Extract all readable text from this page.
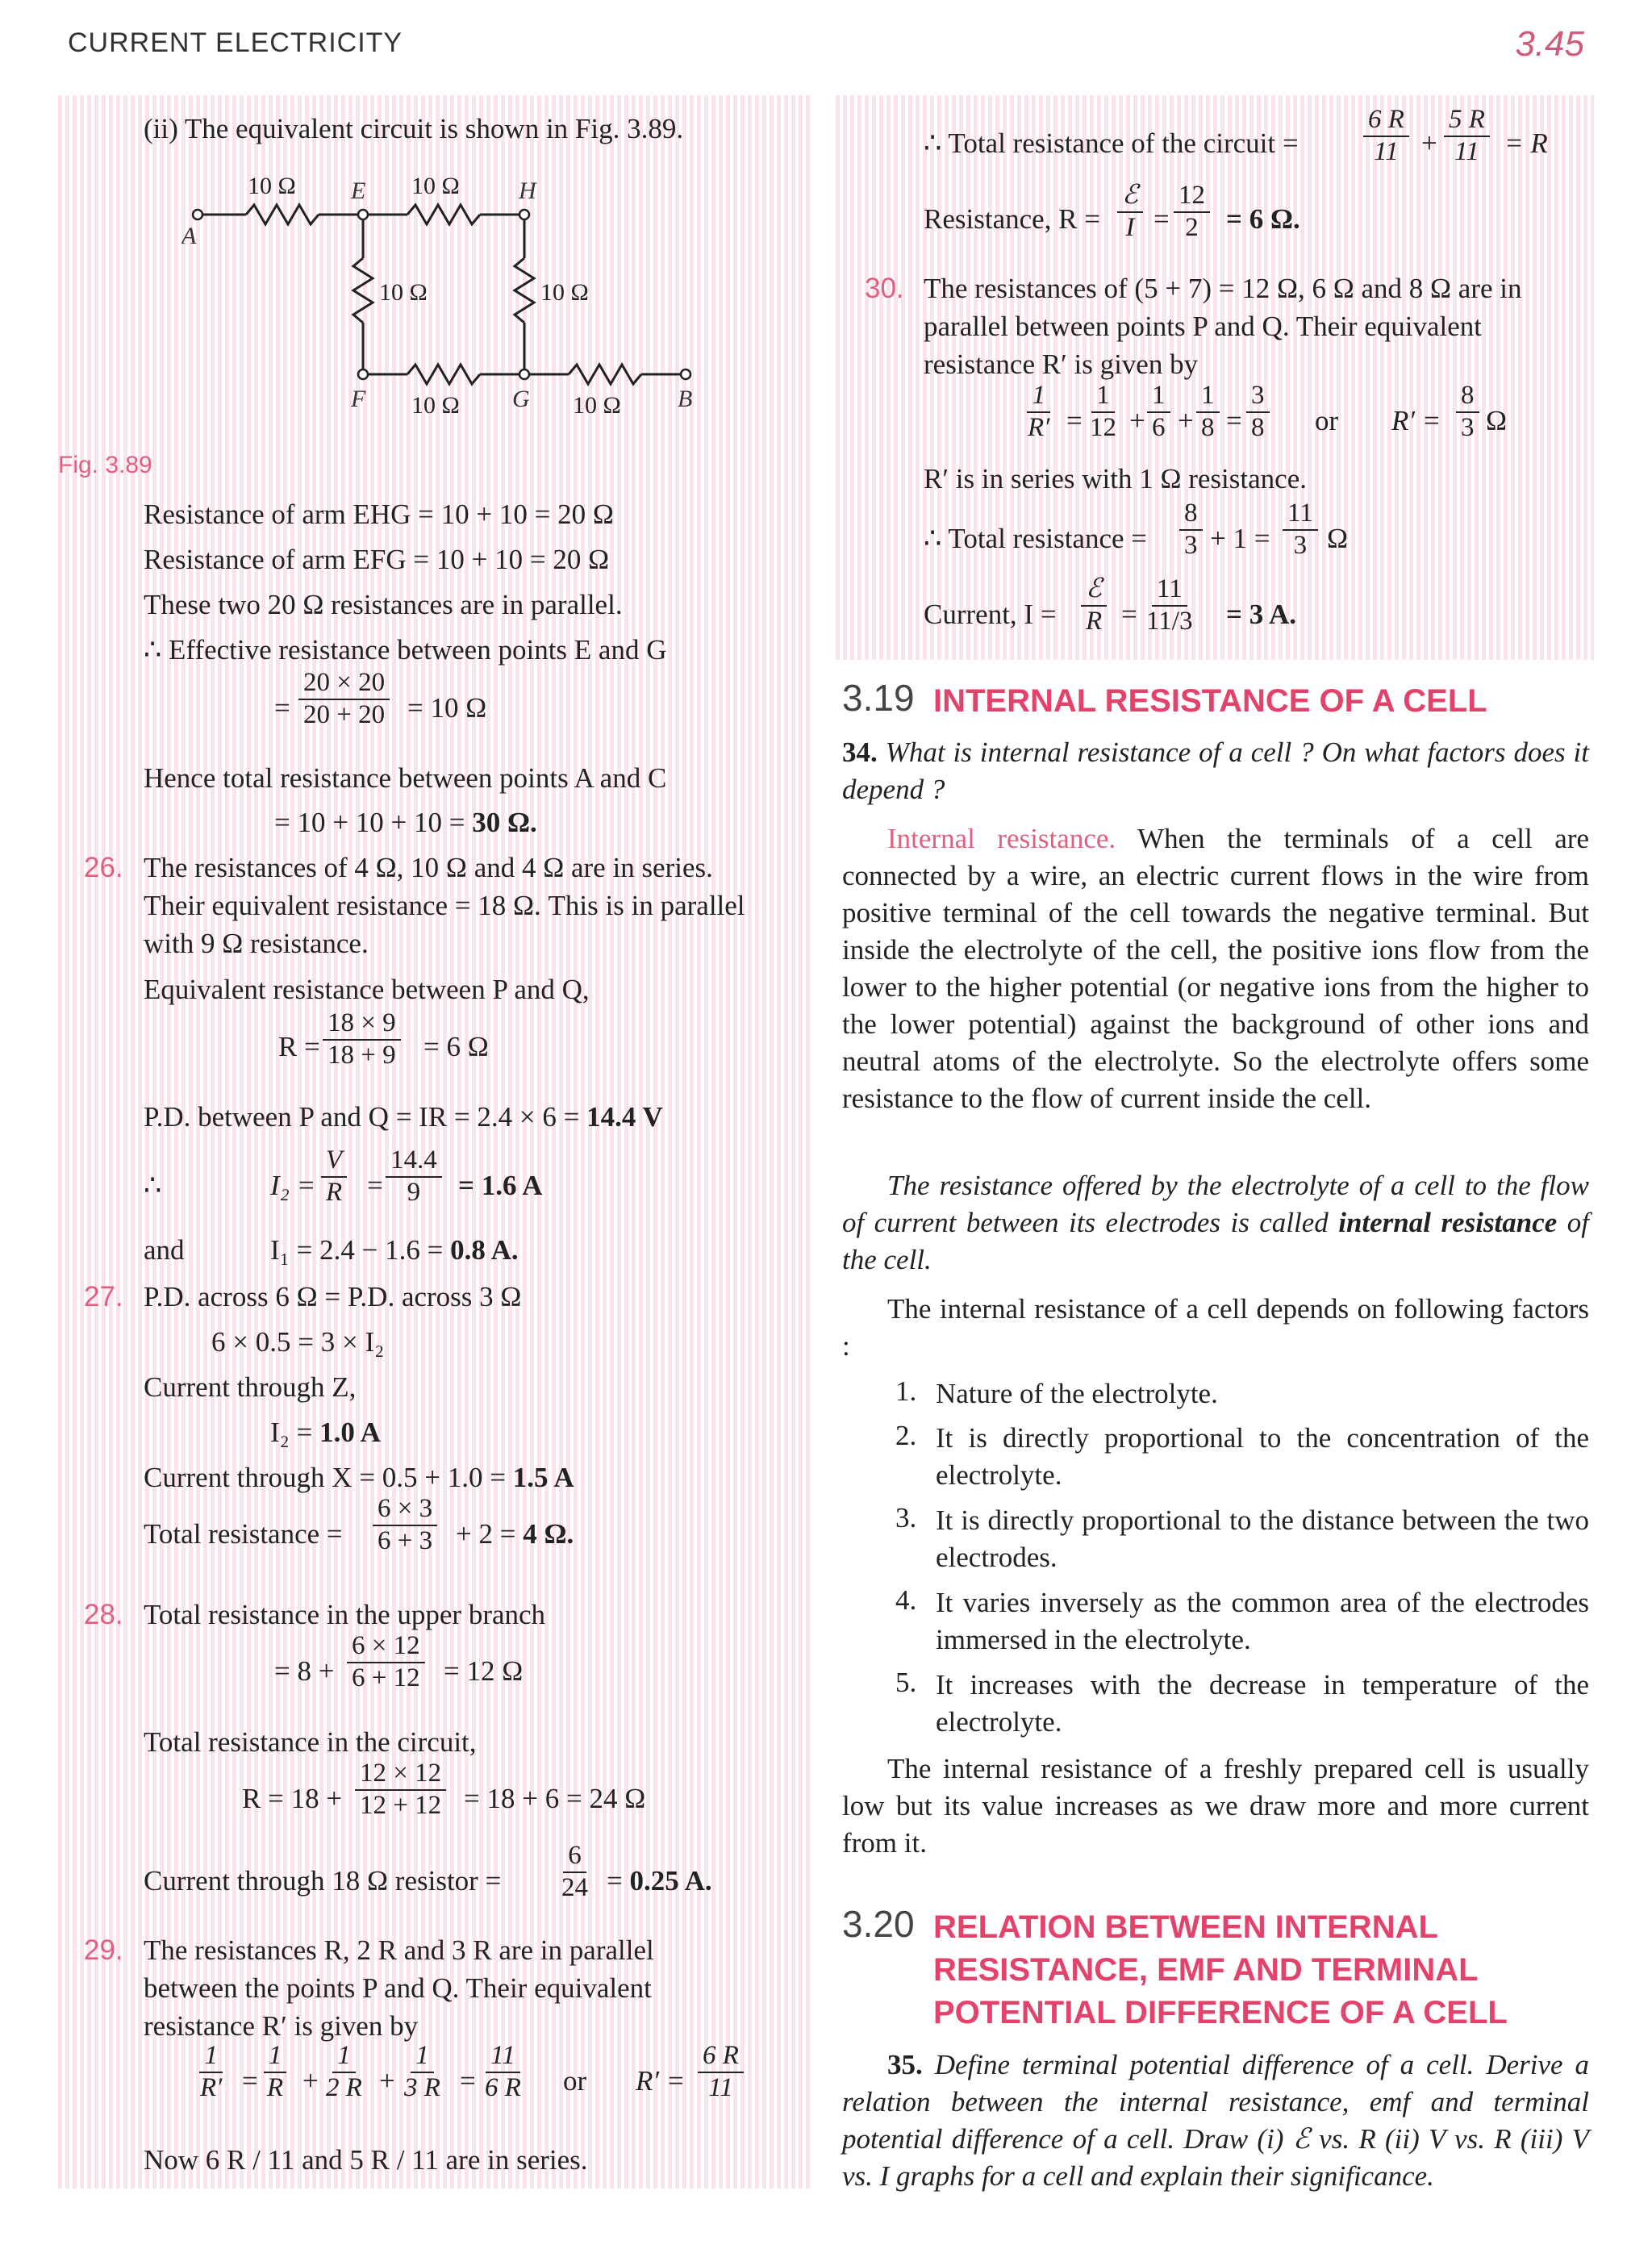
CURRENT ELECTRICITY	3.45
(ii) The equivalent circuit is shown in Fig. 3.89.
10 Ω	10 Ω
10 Ω	10 Ω
10 Ω	10 Ω
A
E	H
F	G	B
Fig. 3.89
Resistance of arm EHG = 10 + 10 = 20 Ω
Resistance of arm EFG = 10 + 10 = 20 Ω
These two 20 Ω resistances are in parallel.
∴ Effective resistance between points E and G
= $\frac{20 \times 20}{20 + 20} = 10$ Ω
Hence total resistance between points A and C
= 10 + 10 + 10 = 30 Ω.
26. The resistances of 4 Ω, 10 Ω and 4 Ω are in series.
Their equivalent resistance = 18 Ω. This is in parallel
with 9 Ω resistance.
Equivalent resistance between P and Q,
$R = \frac{18 \times 9}{18 + 9} = 6$ Ω
P.D. between P and Q = IR = 2.4 × 6 = 14.4 V
∴	$I_2 = \frac{V}{R} = \frac{14.4}{9} = 1.6$ A
and	I₁ = 2.4 − 1.6 = 0.8 A.
27. P.D. across 6 Ω = P.D. across 3 Ω
6 × 0.5 = 3 × I₂
Current through Z,
I₂ = 1.0 A
Current through X = 0.5 + 1.0 = 1.5 A
Total resistance = $\frac{6 \times 3}{6 + 3} + 2 = 4$ Ω.
28. Total resistance in the upper branch
= $8 + \frac{6 \times 12}{6 + 12} = 12$ Ω
Total resistance in the circuit,
$R = 18 + \frac{12 \times 12}{12 + 12} = 18 + 6 = 24$ Ω
Current through 18 Ω resistor = $\frac{6}{24} = 0.25$ A.
29. The resistances R, 2 R and 3 R are in parallel
between the points P and Q. Their equivalent
resistance R′ is given by
$\frac{1}{R'} = \frac{1}{R} + \frac{1}{2 R} + \frac{1}{3 R} = \frac{11}{6 R}$ or $R' = \frac{6 R}{11}$
Now 6 R / 11 and 5 R / 11 are in series.
∴ Total resistance of the circuit = $\frac{6 R}{11} + \frac{5 R}{11} = R$
Resistance, R =
ℰ
$I = \frac{12}{2} = 6$ Ω.
30. The resistances of (5 + 7) = 12 Ω, 6 Ω and 8 Ω are in
parallel between points P and Q. Their equivalent
resistance R′ is given by
$\frac{1}{R'} = \frac{1}{12} + \frac{1}{6} + \frac{1}{8} = \frac{3}{8}$ or $R' = \frac{8}{3}$ Ω
R′ is in series with 1 Ω resistance.
∴ Total resistance = $\frac{8}{3} + 1 = \frac{11}{3}$ Ω
Current, I =
ℰ
$R = \frac{11}{11/3} = 3$ A.
3.19 INTERNAL RESISTANCE OF A CELL
34. What is internal resistance of a cell ? On what factors does it depend ?
Internal resistance. When the terminals of a cell are connected by a wire, an electric current flows in the wire from positive terminal of the cell towards the negative terminal. But inside the electrolyte of the cell, the positive ions flow from the lower to the higher potential (or negative ions from the higher to the lower potential) against the background of other ions and neutral atoms of the electrolyte. So the electrolyte offers some resistance to the flow of current inside the cell.
The resistance offered by the electrolyte of a cell to the flow of current between its electrodes is called internal resistance of the cell.
The internal resistance of a cell depends on following factors :
1. Nature of the electrolyte.
2. It is directly proportional to the concentration of the electrolyte.
3. It is directly proportional to the distance between the two electrodes.
4. It varies inversely as the common area of the electrodes immersed in the electrolyte.
5. It increases with the decrease in temperature of the electrolyte.
The internal resistance of a freshly prepared cell is usually low but its value increases as we draw more and more current from it.
3.20 RELATION BETWEEN INTERNAL
RESISTANCE, EMF AND TERMINAL
POTENTIAL DIFFERENCE OF A CELL
35. Define terminal potential difference of a cell. Derive a relation between the internal resistance, emf and terminal potential difference of a cell. Draw (i) ℰ vs. R (ii) V vs. R (iii) V vs. I graphs for a cell and explain their significance.
